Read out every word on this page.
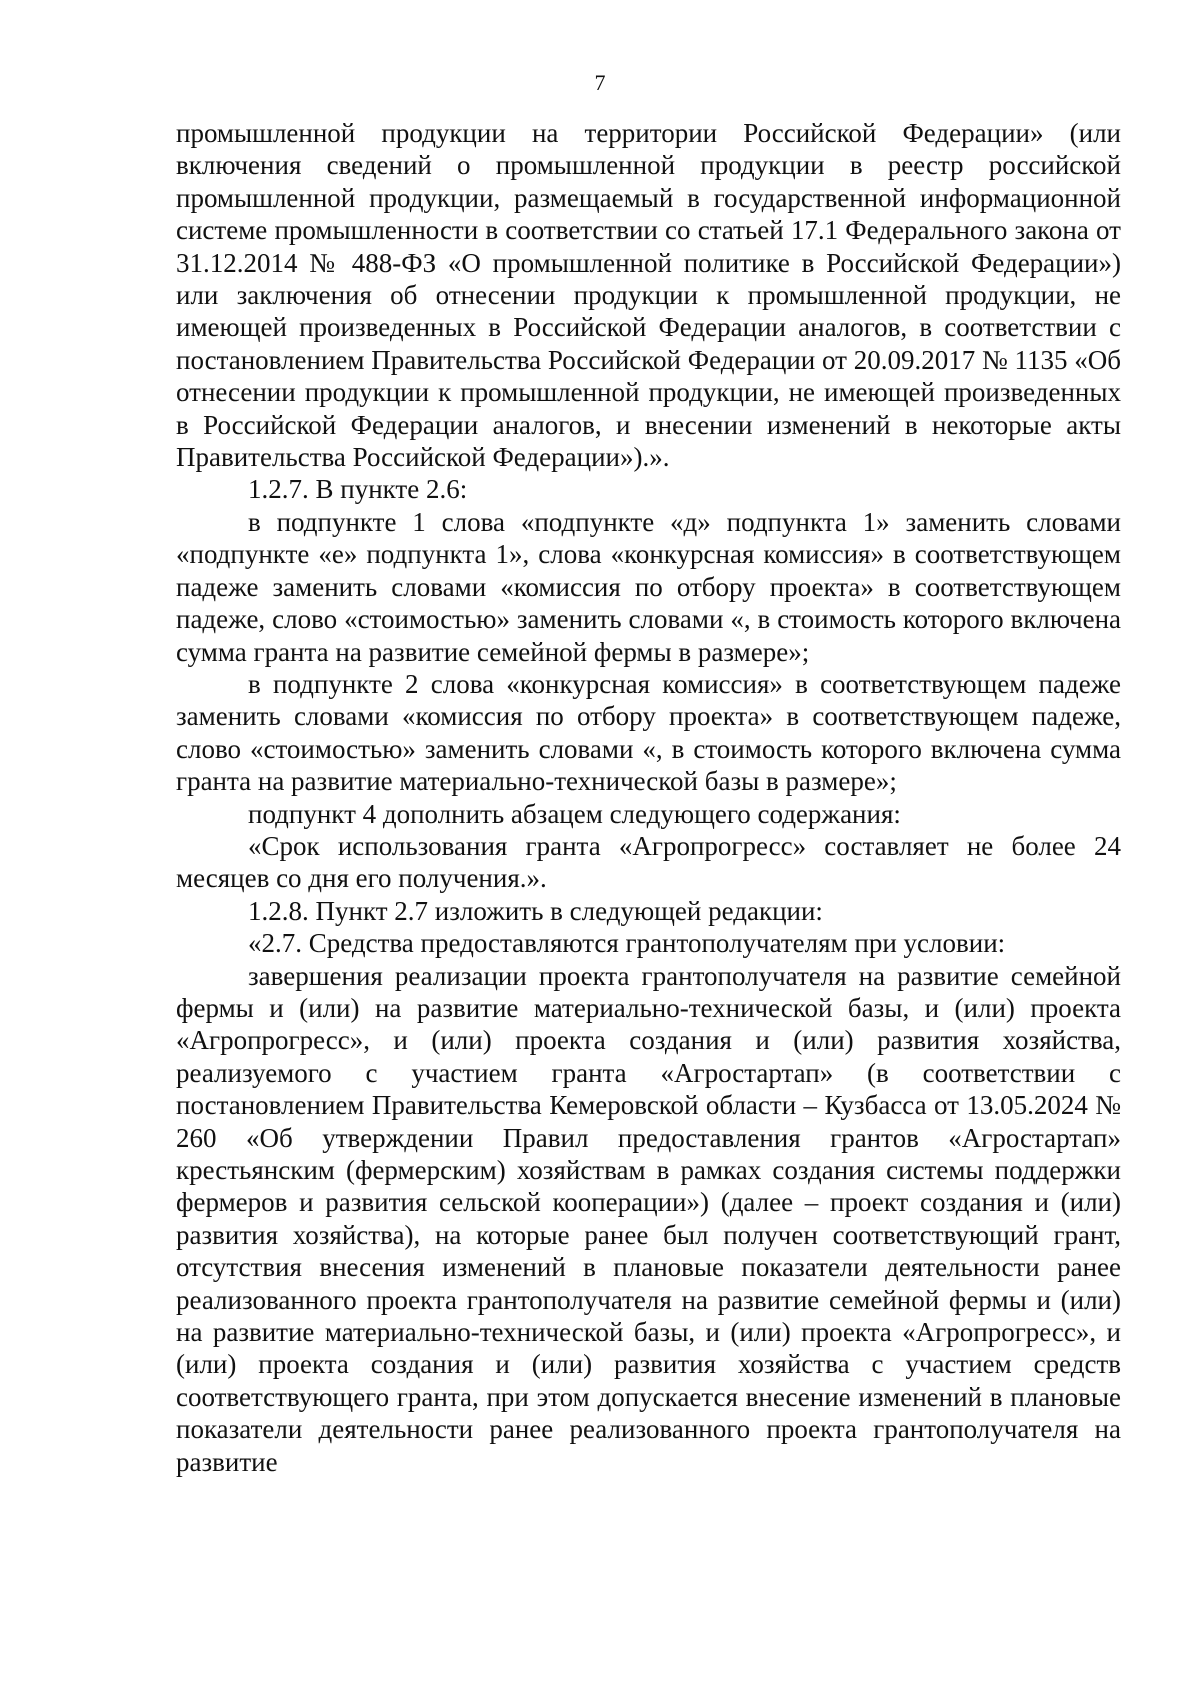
7

промышленной продукции на территории Российской Федерации» (или включения сведений о промышленной продукции в реестр российской промышленной продукции, размещаемый в государственной информационной системе промышленности в соответствии со статьей 17.1 Федерального закона от 31.12.2014 № 488-ФЗ «О промышленной политике в Российской Федерации») или заключения об отнесении продукции к промышленной продукции, не имеющей произведенных в Российской Федерации аналогов, в соответствии с постановлением Правительства Российской Федерации от 20.09.2017 № 1135 «Об отнесении продукции к промышленной продукции, не имеющей произведенных в Российской Федерации аналогов, и внесении изменений в некоторые акты Правительства Российской Федерации»).».

1.2.7. В пункте 2.6:

в подпункте 1 слова «подпункте «д» подпункта 1» заменить словами «подпункте «е» подпункта 1», слова «конкурсная комиссия» в соответствующем падеже заменить словами «комиссия по отбору проекта» в соответствующем падеже, слово «стоимостью» заменить словами «, в стоимость которого включена сумма гранта на развитие семейной фермы в размере»;

в подпункте 2 слова «конкурсная комиссия» в соответствующем падеже заменить словами «комиссия по отбору проекта» в соответствующем падеже, слово «стоимостью» заменить словами «, в стоимость которого включена сумма гранта на развитие материально-технической базы в размере»;

подпункт 4 дополнить абзацем следующего содержания:

«Срок использования гранта «Агропрогресс» составляет не более 24 месяцев со дня его получения.».

1.2.8. Пункт 2.7 изложить в следующей редакции:

«2.7. Средства предоставляются грантополучателям при условии:

завершения реализации проекта грантополучателя на развитие семейной фермы и (или) на развитие материально-технической базы, и (или) проекта «Агропрогресс», и (или) проекта создания и (или) развития хозяйства, реализуемого с участием гранта «Агростартап» (в соответствии с постановлением Правительства Кемеровской области – Кузбасса от 13.05.2024 № 260 «Об утверждении Правил предоставления грантов «Агростартап» крестьянским (фермерским) хозяйствам в рамках создания системы поддержки фермеров и развития сельской кооперации») (далее – проект создания и (или) развития хозяйства), на которые ранее был получен соответствующий грант, отсутствия внесения изменений в плановые показатели деятельности ранее реализованного проекта грантополучателя на развитие семейной фермы и (или) на развитие материально-технической базы, и (или) проекта «Агропрогресс», и (или) проекта создания и (или) развития хозяйства с участием средств соответствующего гранта, при этом допускается внесение изменений в плановые показатели деятельности ранее реализованного проекта грантополучателя на развитие
